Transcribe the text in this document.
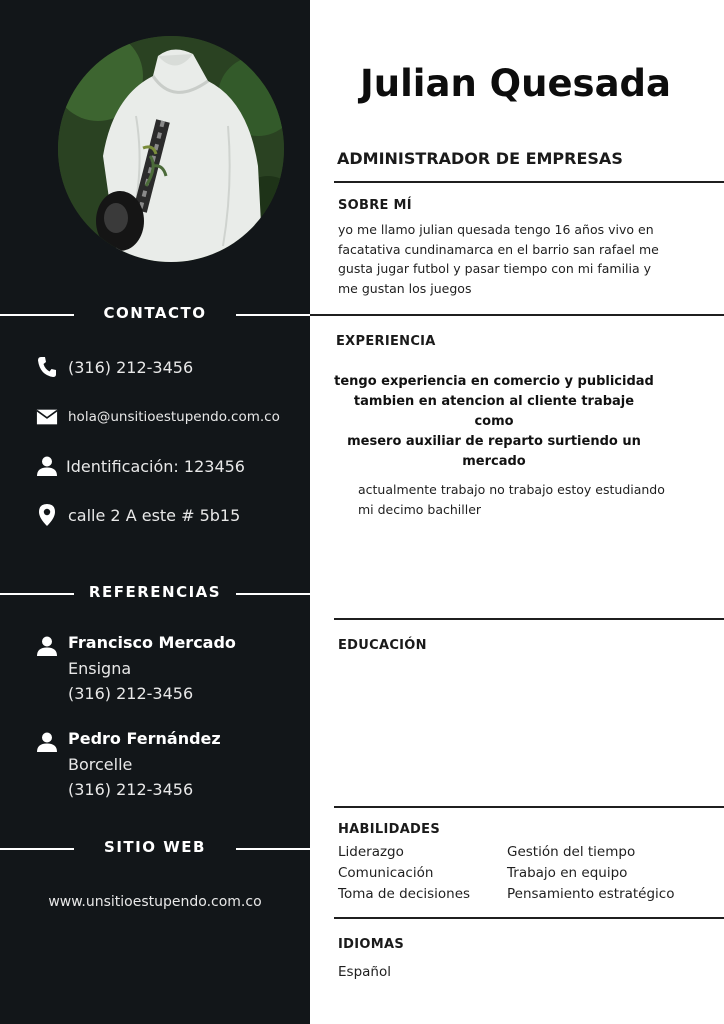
CONTACTO
(316) 212-3456
hola@unsitioestupendo.com.co
Identificación: 123456
calle 2 A este # 5b15
REFERENCIAS
Francisco Mercado
Ensigna
(316) 212-3456
Pedro Fernández
Borcelle
(316) 212-3456
SITIO WEB
www.unsitioestupendo.com.co
Julian Quesada
ADMINISTRADOR DE EMPRESAS
SOBRE MÍ
yo me llamo julian quesada tengo 16 años vivo en
facatativa cundinamarca en el barrio san rafael me
gusta jugar futbol y pasar tiempo con mi familia y
me gustan los juegos
EXPERIENCIA
tengo experiencia en comercio y publicidad
tambien en atencion al cliente trabaje como
mesero auxiliar de reparto surtiendo un
mercado
actualmente trabajo no trabajo estoy estudiando
mi decimo bachiller
EDUCACIÓN
HABILIDADES
Liderazgo
Comunicación
Toma de decisiones
Gestión del tiempo
Trabajo en equipo
Pensamiento estratégico
IDIOMAS
Español
